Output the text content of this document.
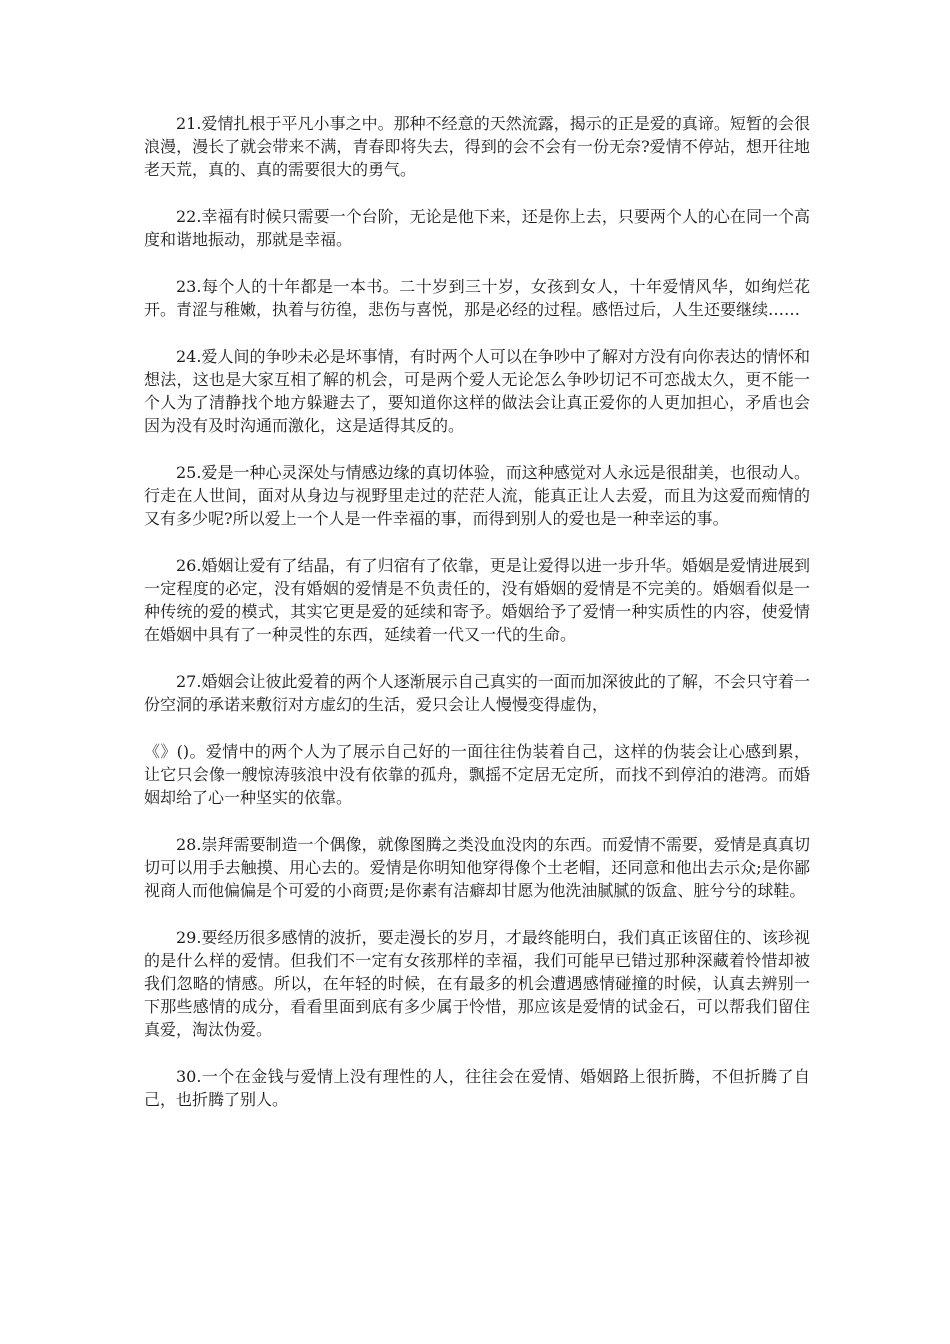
21.爱情扎根于平凡小事之中。那种不经意的天然流露，揭示的正是爱的真谛。短暂的会很浪漫，漫长了就会带来不满，青春即将失去，得到的会不会有一份无奈?爱情不停站，想开往地老天荒，真的、真的需要很大的勇气。

22.幸福有时候只需要一个台阶，无论是他下来，还是你上去，只要两个人的心在同一个高度和谐地振动，那就是幸福。

23.每个人的十年都是一本书。二十岁到三十岁，女孩到女人，十年爱情风华，如绚烂花开。青涩与稚嫩，执着与彷徨，悲伤与喜悦，那是必经的过程。感悟过后，人生还要继续……

24.爱人间的争吵未必是坏事情，有时两个人可以在争吵中了解对方没有向你表达的情怀和想法，这也是大家互相了解的机会，可是两个爱人无论怎么争吵切记不可恋战太久，更不能一个人为了清静找个地方躲避去了，要知道你这样的做法会让真正爱你的人更加担心，矛盾也会因为没有及时沟通而激化，这是适得其反的。

25.爱是一种心灵深处与情感边缘的真切体验，而这种感觉对人永远是很甜美，也很动人。行走在人世间，面对从身边与视野里走过的茫茫人流，能真正让人去爱，而且为这爱而痴情的又有多少呢?所以爱上一个人是一件幸福的事，而得到别人的爱也是一种幸运的事。

26.婚姻让爱有了结晶，有了归宿有了依靠，更是让爱得以进一步升华。婚姻是爱情进展到一定程度的必定，没有婚姻的爱情是不负责任的，没有婚姻的爱情是不完美的。婚姻看似是一种传统的爱的模式，其实它更是爱的延续和寄予。婚姻给予了爱情一种实质性的内容，使爱情在婚姻中具有了一种灵性的东西，延续着一代又一代的生命。

27.婚姻会让彼此爱着的两个人逐渐展示自己真实的一面而加深彼此的了解，不会只守着一份空洞的承诺来敷衍对方虚幻的生活，爱只会让人慢慢变得虚伪，

《》()。爱情中的两个人为了展示自己好的一面往往伪装着自己，这样的伪装会让心感到累，让它只会像一艘惊涛骇浪中没有依靠的孤舟，飘摇不定居无定所，而找不到停泊的港湾。而婚姻却给了心一种坚实的依靠。

28.崇拜需要制造一个偶像，就像图腾之类没血没肉的东西。而爱情不需要，爱情是真真切切可以用手去触摸、用心去的。爱情是你明知他穿得像个土老帽，还同意和他出去示众;是你鄙视商人而他偏偏是个可爱的小商贾;是你素有洁癖却甘愿为他洗油腻腻的饭盒、脏兮兮的球鞋。

29.要经历很多感情的波折，要走漫长的岁月，才最终能明白，我们真正该留住的、该珍视的是什么样的爱情。但我们不一定有女孩那样的幸福，我们可能早已错过那种深藏着怜惜却被我们忽略的情感。所以，在年轻的时候，在有最多的机会遭遇感情碰撞的时候，认真去辨别一下那些感情的成分，看看里面到底有多少属于怜惜，那应该是爱情的试金石，可以帮我们留住真爱，淘汰伪爱。

30.一个在金钱与爱情上没有理性的人，往往会在爱情、婚姻路上很折腾，不但折腾了自己，也折腾了别人。
